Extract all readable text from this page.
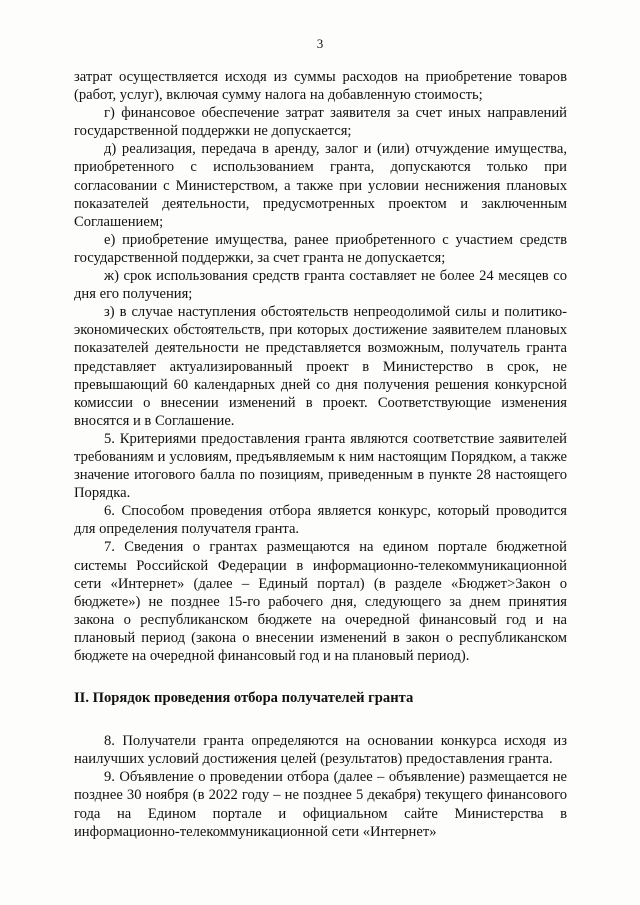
3

затрат осуществляется исходя из суммы расходов на приобретение товаров (работ, услуг), включая сумму налога на добавленную стоимость;

г) финансовое обеспечение затрат заявителя за счет иных направлений государственной поддержки не допускается;

д) реализация, передача в аренду, залог и (или) отчуждение имущества, приобретенного с использованием гранта, допускаются только при согласовании с Министерством, а также при условии неснижения плановых показателей деятельности, предусмотренных проектом и заключенным Соглашением;

е) приобретение имущества, ранее приобретенного с участием средств государственной поддержки, за счет гранта не допускается;

ж) срок использования средств гранта составляет не более 24 месяцев со дня его получения;

з) в случае наступления обстоятельств непреодолимой силы и политико-экономических обстоятельств, при которых достижение заявителем плановых показателей деятельности не представляется возможным, получатель гранта представляет актуализированный проект в Министерство в срок, не превышающий 60 календарных дней со дня получения решения конкурсной комиссии о внесении изменений в проект. Соответствующие изменения вносятся и в Соглашение.

5. Критериями предоставления гранта являются соответствие заявителей требованиям и условиям, предъявляемым к ним настоящим Порядком, а также значение итогового балла по позициям, приведенным в пункте 28 настоящего Порядка.

6. Способом проведения отбора является конкурс, который проводится для определения получателя гранта.

7. Сведения о грантах размещаются на едином портале бюджетной системы Российской Федерации в информационно-телекоммуникационной сети «Интернет» (далее – Единый портал) (в разделе «Бюджет>Закон о бюджете») не позднее 15-го рабочего дня, следующего за днем принятия закона о республиканском бюджете на очередной финансовый год и на плановый период (закона о внесении изменений в закон о республиканском бюджете на очередной финансовый год и на плановый период).

II. Порядок проведения отбора получателей гранта

8. Получатели гранта определяются на основании конкурса исходя из наилучших условий достижения целей (результатов) предоставления гранта.

9. Объявление о проведении отбора (далее – объявление) размещается не позднее 30 ноября (в 2022 году – не позднее 5 декабря) текущего финансового года на Едином портале и официальном сайте Министерства в информационно-телекоммуникационной сети «Интернет»
